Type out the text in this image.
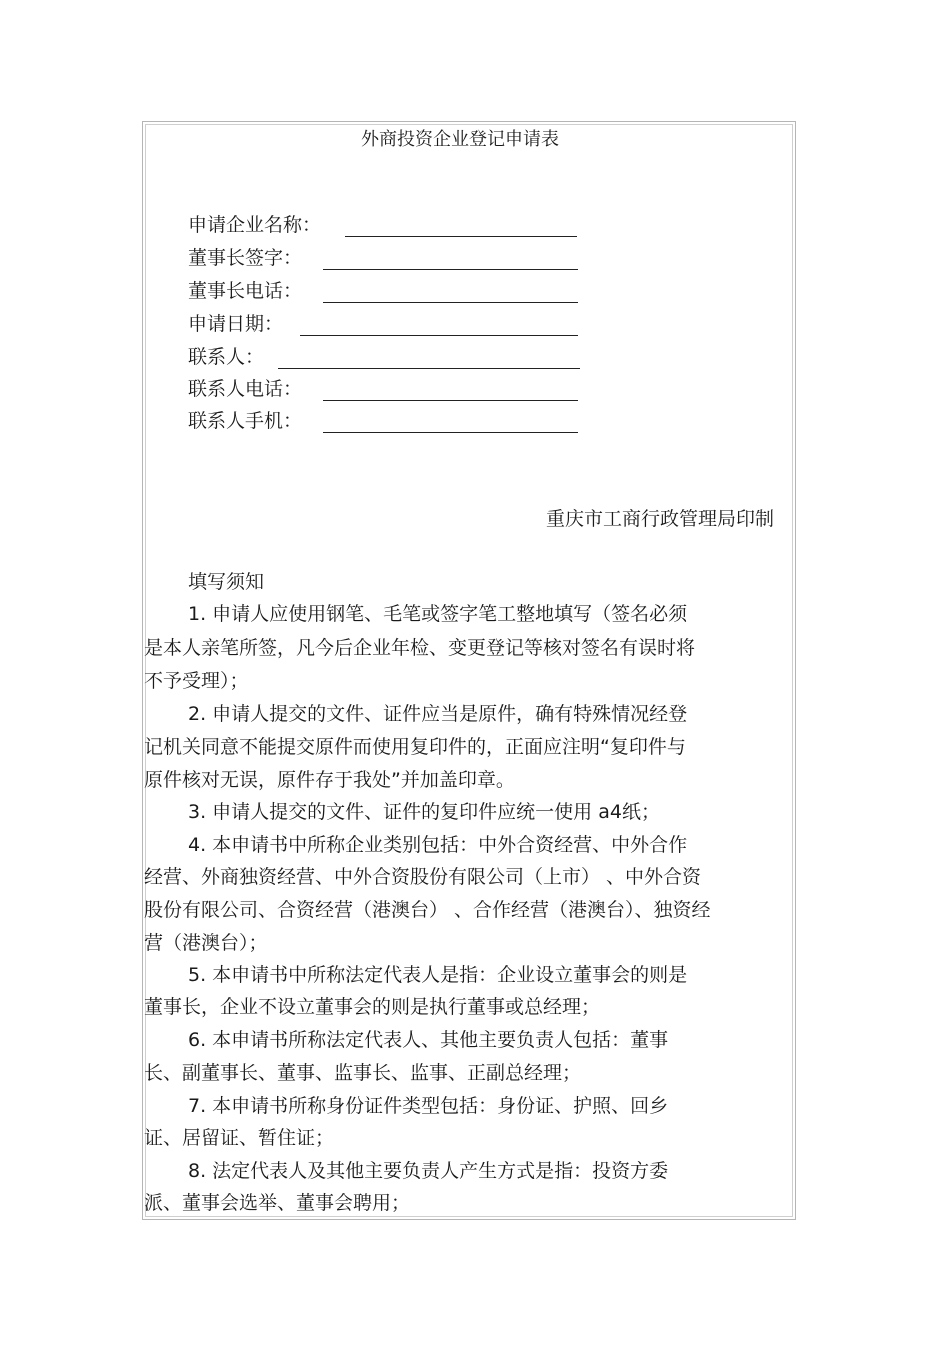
外商投资企业登记申请表
申请企业名称：
董事长签字：
董事长电话：
申请日期：
联系人：
联系人电话：
联系人手机：
重庆市工商行政管理局印制
填写须知
1. 申请人应使用钢笔、毛笔或签字笔工整地填写（签名必须
是本人亲笔所签，凡今后企业年检、变更登记等核对签名有误时将
不予受理）；
2. 申请人提交的文件、证件应当是原件，确有特殊情况经登
记机关同意不能提交原件而使用复印件的，正面应注明“复印件与
原件核对无误，原件存于我处”并加盖印章。
3. 申请人提交的文件、证件的复印件应统一使用 a4纸；
4. 本申请书中所称企业类别包括：中外合资经营、中外合作
经营、外商独资经营、中外合资股份有限公司（上市） 、中外合资
股份有限公司、合资经营（港澳台） 、合作经营（港澳台）、独资经
营（港澳台）；
5. 本申请书中所称法定代表人是指：企业设立董事会的则是
董事长，企业不设立董事会的则是执行董事或总经理；
6. 本申请书所称法定代表人、其他主要负责人包括：董事
长、副董事长、董事、监事长、监事、正副总经理；
7. 本申请书所称身份证件类型包括：身份证、护照、回乡
证、居留证、暂住证；
8. 法定代表人及其他主要负责人产生方式是指：投资方委
派、董事会选举、董事会聘用；
